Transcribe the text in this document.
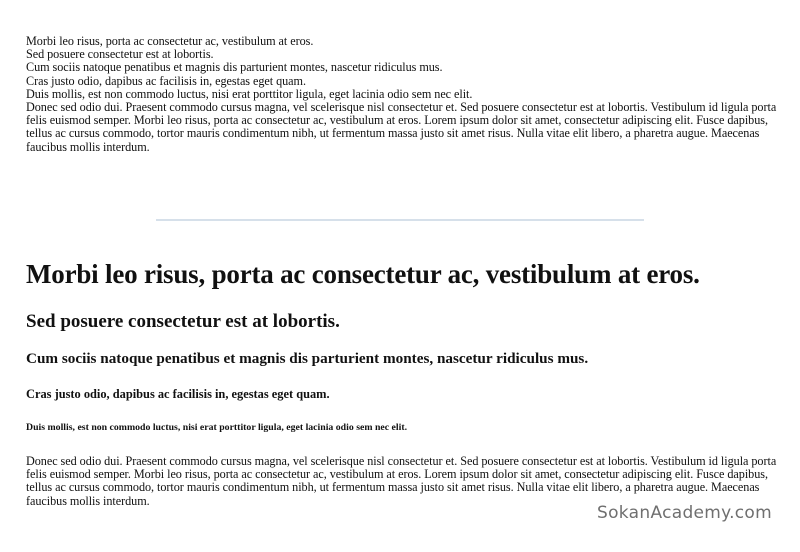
Morbi leo risus, porta ac consectetur ac, vestibulum at eros.
Sed posuere consectetur est at lobortis.
Cum sociis natoque penatibus et magnis dis parturient montes, nascetur ridiculus mus.
Cras justo odio, dapibus ac facilisis in, egestas eget quam.
Duis mollis, est non commodo luctus, nisi erat porttitor ligula, eget lacinia odio sem nec elit.
Donec sed odio dui. Praesent commodo cursus magna, vel scelerisque nisl consectetur et. Sed posuere consectetur est at lobortis. Vestibulum id ligula porta felis euismod semper. Morbi leo risus, porta ac consectetur ac, vestibulum at eros. Lorem ipsum dolor sit amet, consectetur adipiscing elit. Fusce dapibus, tellus ac cursus commodo, tortor mauris condimentum nibh, ut fermentum massa justo sit amet risus. Nulla vitae elit libero, a pharetra augue. Maecenas faucibus mollis interdum.
Morbi leo risus, porta ac consectetur ac, vestibulum at eros.
Sed posuere consectetur est at lobortis.
Cum sociis natoque penatibus et magnis dis parturient montes, nascetur ridiculus mus.
Cras justo odio, dapibus ac facilisis in, egestas eget quam.
Duis mollis, est non commodo luctus, nisi erat porttitor ligula, eget lacinia odio sem nec elit.

Donec sed odio dui. Praesent commodo cursus magna, vel scelerisque nisl consectetur et. Sed posuere consectetur est at lobortis. Vestibulum id ligula porta felis euismod semper. Morbi leo risus, porta ac consectetur ac, vestibulum at eros. Lorem ipsum dolor sit amet, consectetur adipiscing elit. Fusce dapibus, tellus ac cursus commodo, tortor mauris condimentum nibh, ut fermentum massa justo sit amet risus. Nulla vitae elit libero, a pharetra augue. Maecenas faucibus mollis interdum.

SokanAcademy.com
